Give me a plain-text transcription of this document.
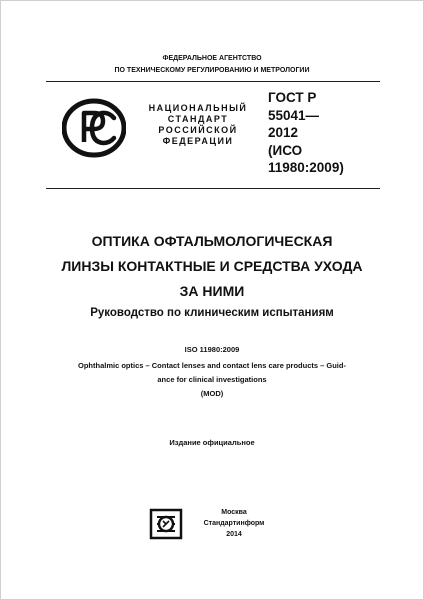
ФЕДЕРАЛЬНОЕ АГЕНТСТВО
ПО ТЕХНИЧЕСКОМУ РЕГУЛИРОВАНИЮ И МЕТРОЛОГИИ
НАЦИОНАЛЬНЫЙ
СТАНДАРТ
РОССИЙСКОЙ
ФЕДЕРАЦИИ
ГОСТ Р
55041—
2012
(ИСО
11980:2009)
ОПТИКА ОФТАЛЬМОЛОГИЧЕСКАЯ
ЛИНЗЫ КОНТАКТНЫЕ И СРЕДСТВА УХОДА
ЗА НИМИ
Руководство по клиническим испытаниям
ISO 11980:2009
Ophthalmic optics – Contact lenses and contact lens care products – Guid-
ance for clinical investigations
(MOD)
Издание официальное
Москва
Стандартинформ
2014
